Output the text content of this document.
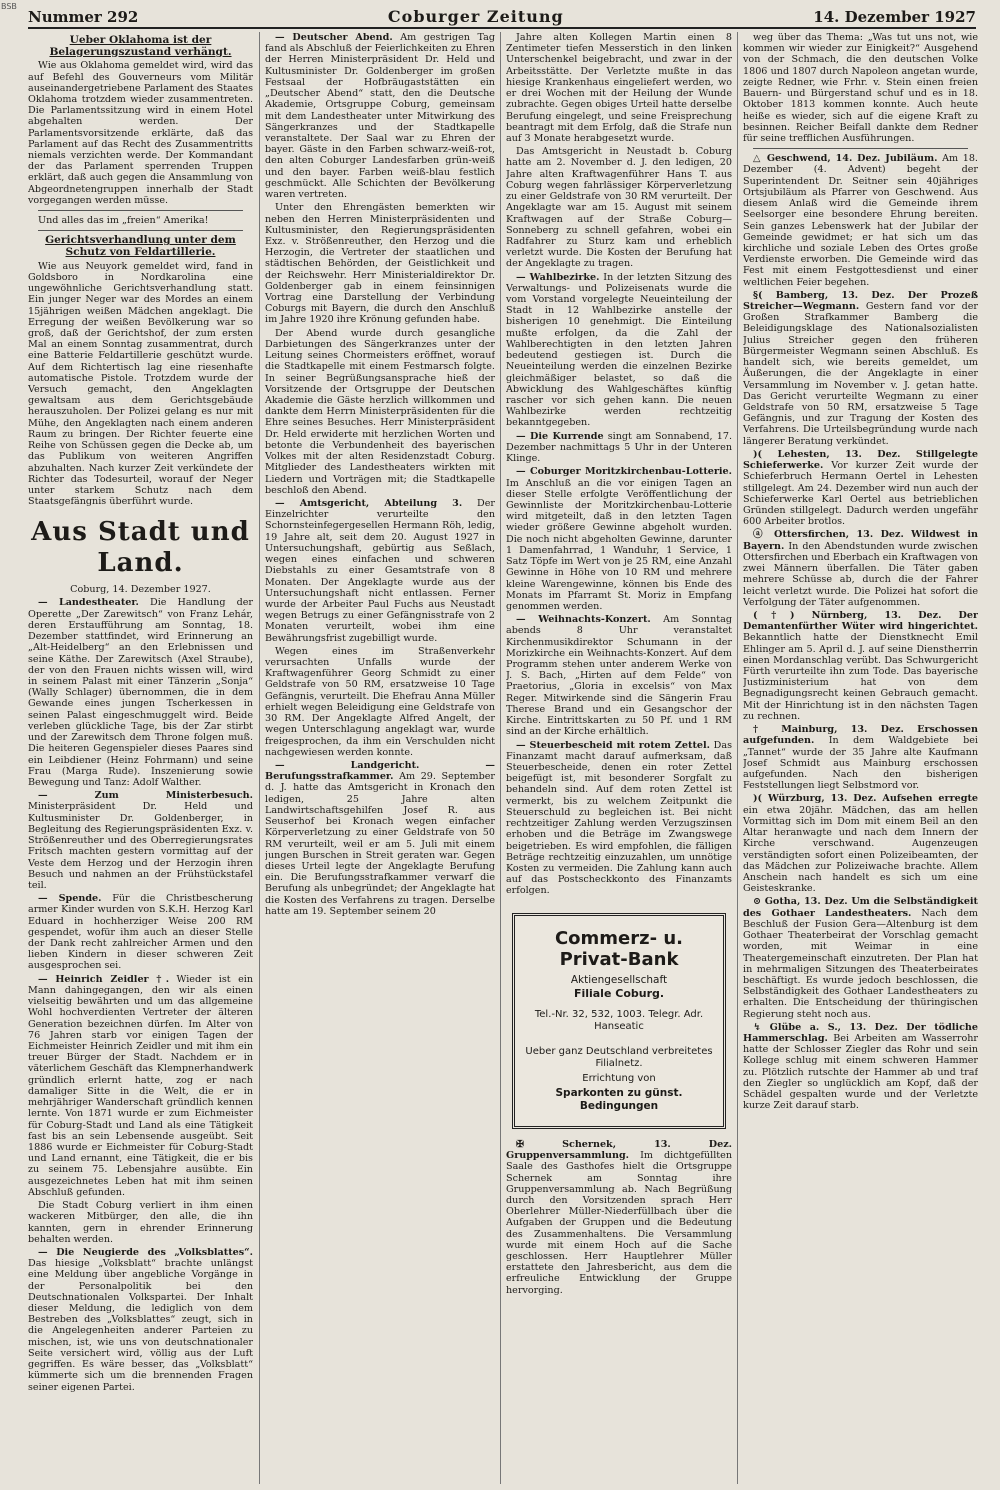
BSB
Nummer 292	Coburger Zeitung	14. Dezember 1927
Ueber Oklahoma ist der Belagerungszustand verhängt.

Wie aus Oklahoma gemeldet wird, wird das auf Befehl des Gouverneurs vom Militär auseinandergetriebene Parlament des Staates Oklahoma trotzdem wieder zusammentreten. Die Parlamentssitzung wird in einem Hotel abgehalten werden. Der Parlamentsvorsitzende erklärte, daß das Parlament auf das Recht des Zusammentritts niemals verzichten werde. Der Kommandant der das Parlament sperrenden Truppen erklärt, daß auch gegen die Ansammlung von Abgeordnetengruppen innerhalb der Stadt vorgegangen werden müsse.

Und alles das im „freien“ Amerika!

Gerichtsverhandlung unter dem Schutz von Feldartillerie.

Wie aus Neuyork gemeldet wird, fand in Goldsboro in Nordkarolina eine ungewöhnliche Gerichtsverhandlung statt. Ein junger Neger war des Mordes an einem 15jährigen weißen Mädchen angeklagt. Die Erregung der weißen Bevölkerung war so groß, daß der Gerichtshof, der zum ersten Mal an einem Sonntag zusammentrat, durch eine Batterie Feldartillerie geschützt wurde. Auf dem Richtertisch lag eine riesenhafte automatische Pistole. Trotzdem wurde der Versuch gemacht, den Angeklagten gewaltsam aus dem Gerichtsgebäude herauszuholen. Der Polizei gelang es nur mit Mühe, den Angeklagten nach einem anderen Raum zu bringen. Der Richter feuerte eine Reihe von Schüssen gegen die Decke ab, um das Publikum von weiteren Angriffen abzuhalten. Nach kurzer Zeit verkündete der Richter das Todesurteil, worauf der Neger unter starkem Schutz nach dem Staatsgefängnis überführt wurde.

Aus Stadt und Land.

Coburg, 14. Dezember 1927.

— Landestheater. Die Handlung der Operette „Der Zarewitsch“ von Franz Lehár, deren Erstaufführung am Sonntag, 18. Dezember stattfindet, wird Erinnerung an „Alt-Heidelberg“ an den Erlebnissen und seine Käthe. Der Zarewitsch (Axel Straube), der von den Frauen nichts wissen will, wird in seinem Palast mit einer Tänzerin „Sonja“ (Wally Schlager) übernommen, die in dem Gewande eines jungen Tscherkessen in seinen Palast eingeschmuggelt wird. Beide verleben glückliche Tage, bis der Zar stirbt und der Zarewitsch dem Throne folgen muß. Die heiteren Gegenspieler dieses Paares sind ein Leibdiener (Heinz Fohrmann) und seine Frau (Marga Rude). Inszenierung sowie Bewegung und Tanz: Adolf Walther.

— Zum Ministerbesuch. Ministerpräsident Dr. Held und Kultusminister Dr. Goldenberger, in Begleitung des Regierungspräsidenten Exz. v. Strößenreuther und des Oberregierungsrates Fritsch machten gestern vormittag auf der Veste dem Herzog und der Herzogin ihren Besuch und nahmen an der Frühstückstafel teil.

— Spende. Für die Christbescherung armer Kinder wurden von S.K.H. Herzog Karl Eduard in hochherziger Weise 200 RM gespendet, wofür ihm auch an dieser Stelle der Dank recht zahlreicher Armen und den lieben Kindern in dieser schweren Zeit ausgesprochen sei.

— Heinrich Zeidler †. Wieder ist ein Mann dahingegangen, den wir als einen vielseitig bewährten und um das allgemeine Wohl hochverdienten Vertreter der älteren Generation bezeichnen dürfen. Im Alter von 76 Jahren starb vor einigen Tagen der Eichmeister Heinrich Zeidler und mit ihm ein treuer Bürger der Stadt. Nachdem er in väterlichem Geschäft das Klempnerhandwerk gründlich erlernt hatte, zog er nach damaliger Sitte in die Welt, die er in mehrjähriger Wanderschaft gründlich kennen lernte. Von 1871 wurde er zum Eichmeister für Coburg-Stadt und Land als eine Tätigkeit fast bis an sein Lebensende ausgeübt. Seit 1886 wurde er Eichmeister für Coburg-Stadt und Land ernannt, eine Tätigkeit, die er bis zu seinem 75. Lebensjahre ausübte. Ein ausgezeichnetes Leben hat mit ihm seinen Abschluß gefunden.

Die Stadt Coburg verliert in ihm einen wackeren Mitbürger, den alle, die ihn kannten, gern in ehrender Erinnerung behalten werden.

— Die Neugierde des „Volksblattes“. Das hiesige „Volksblatt“ brachte unlängst eine Meldung über angebliche Vorgänge in der Personalpolitik bei den Deutschnationalen Volkspartei. Der Inhalt dieser Meldung, die lediglich von dem Bestreben des „Volksblattes“ zeugt, sich in die Angelegenheiten anderer Parteien zu mischen, ist, wie uns von deutschnationaler Seite versichert wird, völlig aus der Luft gegriffen. Es wäre besser, das „Volksblatt“ kümmerte sich um die brennenden Fragen seiner eigenen Partei.

— Deutscher Abend. Am gestrigen Tag fand als Abschluß der Feierlichkeiten zu Ehren der Herren Ministerpräsident Dr. Held und Kultusminister Dr. Goldenberger im großen Festsaal der Hofbräugaststätten ein „Deutscher Abend“ statt, den die Deutsche Akademie, Ortsgruppe Coburg, gemeinsam mit dem Landestheater unter Mitwirkung des Sängerkranzes und der Stadtkapelle veranstaltete. Der Saal war zu Ehren der bayer. Gäste in den Farben schwarz-weiß-rot, den alten Coburger Landesfarben grün-weiß und den bayer. Farben weiß-blau festlich geschmückt. Alle Schichten der Bevölkerung waren vertreten.

Unter den Ehrengästen bemerkten wir neben den Herren Ministerpräsidenten und Kultusminister, den Regierungspräsidenten Exz. v. Strößenreuther, den Herzog und die Herzogin, die Vertreter der staatlichen und städtischen Behörden, der Geistlichkeit und der Reichswehr. Herr Ministerialdirektor Dr. Goldenberger gab in einem feinsinnigen Vortrag eine Darstellung der Verbindung Coburgs mit Bayern, die durch den Anschluß im Jahre 1920 ihre Krönung gefunden habe.

Der Abend wurde durch gesangliche Darbietungen des Sängerkranzes unter der Leitung seines Chormeisters eröffnet, worauf die Stadtkapelle mit einem Festmarsch folgte. In seiner Begrüßungsansprache hieß der Vorsitzende der Ortsgruppe der Deutschen Akademie die Gäste herzlich willkommen und dankte dem Herrn Ministerpräsidenten für die Ehre seines Besuches. Herr Ministerpräsident Dr. Held erwiderte mit herzlichen Worten und betonte die Verbundenheit des bayerischen Volkes mit der alten Residenzstadt Coburg. Mitglieder des Landestheaters wirkten mit Liedern und Vorträgen mit; die Stadtkapelle beschloß den Abend.

— Amtsgericht, Abteilung 3. Der Einzelrichter verurteilte den Schornsteinfegergesellen Hermann Röh, ledig, 19 Jahre alt, seit dem 20. August 1927 in Untersuchungshaft, gebürtig aus Seßlach, wegen eines einfachen und schweren Diebstahls zu einer Gesamtstrafe von 8 Monaten. Der Angeklagte wurde aus der Untersuchungshaft nicht entlassen. Ferner wurde der Arbeiter Paul Fuchs aus Neustadt wegen Betrugs zu einer Gefängnisstrafe von 2 Monaten verurteilt, wobei ihm eine Bewährungsfrist zugebilligt wurde.

Wegen eines im Straßenverkehr verursachten Unfalls wurde der Kraftwagenführer Georg Schmidt zu einer Geldstrafe von 50 RM, ersatzweise 10 Tage Gefängnis, verurteilt. Die Ehefrau Anna Müller erhielt wegen Beleidigung eine Geldstrafe von 30 RM. Der Angeklagte Alfred Angelt, der wegen Unterschlagung angeklagt war, wurde freigesprochen, da ihm ein Verschulden nicht nachgewiesen werden konnte.

— Landgericht. — Berufungsstrafkammer. Am 29. September d. J. hatte das Amtsgericht in Kronach den ledigen, 25 Jahre alten Landwirtschaftsgehilfen Josef R. aus Seuserhof bei Kronach wegen einfacher Körperverletzung zu einer Geldstrafe von 50 RM verurteilt, weil er am 5. Juli mit einem jungen Burschen in Streit geraten war. Gegen dieses Urteil legte der Angeklagte Berufung ein. Die Berufungsstrafkammer verwarf die Berufung als unbegründet; der Angeklagte hat die Kosten des Verfahrens zu tragen. Derselbe hatte am 19. September seinem 20

Jahre alten Kollegen Martin einen 8 Zentimeter tiefen Messerstich in den linken Unterschenkel beigebracht, und zwar in der Arbeitsstätte. Der Verletzte mußte in das hiesige Krankenhaus eingeliefert werden, wo er drei Wochen mit der Heilung der Wunde zubrachte. Gegen obiges Urteil hatte derselbe Berufung eingelegt, und seine Freisprechung beantragt mit dem Erfolg, daß die Strafe nun auf 3 Monate herabgesetzt wurde.

Das Amtsgericht in Neustadt b. Coburg hatte am 2. November d. J. den ledigen, 20 Jahre alten Kraftwagenführer Hans T. aus Coburg wegen fahrlässiger Körperverletzung zu einer Geldstrafe von 30 RM verurteilt. Der Angeklagte war am 15. August mit seinem Kraftwagen auf der Straße Coburg—Sonneberg zu schnell gefahren, wobei ein Radfahrer zu Sturz kam und erheblich verletzt wurde. Die Kosten der Berufung hat der Angeklagte zu tragen.

— Wahlbezirke. In der letzten Sitzung des Verwaltungs- und Polizeisenats wurde die vom Vorstand vorgelegte Neueinteilung der Stadt in 12 Wahlbezirke anstelle der bisherigen 10 genehmigt. Die Einteilung mußte erfolgen, da die Zahl der Wahlberechtigten in den letzten Jahren bedeutend gestiegen ist. Durch die Neueinteilung werden die einzelnen Bezirke gleichmäßiger belastet, so daß die Abwicklung des Wahlgeschäftes künftig rascher vor sich gehen kann. Die neuen Wahlbezirke werden rechtzeitig bekanntgegeben.

— Die Kurrende singt am Sonnabend, 17. Dezember nachmittags 5 Uhr in der Unteren Klinge.

— Coburger Moritzkirchenbau-Lotterie. Im Anschluß an die vor einigen Tagen an dieser Stelle erfolgte Veröffentlichung der Gewinnliste der Moritzkirchenbau-Lotterie wird mitgeteilt, daß in den letzten Tagen wieder größere Gewinne abgeholt wurden. Die noch nicht abgeholten Gewinne, darunter 1 Damenfahrrad, 1 Wanduhr, 1 Service, 1 Satz Töpfe im Wert von je 25 RM, eine Anzahl Gewinne in Höhe von 10 RM und mehrere kleine Warengewinne, können bis Ende des Monats im Pfarramt St. Moriz in Empfang genommen werden.

— Weihnachts-Konzert. Am Sonntag abends 8 Uhr veranstaltet Kirchenmusikdirektor Schumann in der Morizkirche ein Weihnachts-Konzert. Auf dem Programm stehen unter anderem Werke von J. S. Bach, „Hirten auf dem Felde“ von Praetorius, „Gloria in excelsis“ von Max Reger. Mitwirkende sind die Sängerin Frau Therese Brand und ein Gesangschor der Kirche. Eintrittskarten zu 50 Pf. und 1 RM sind an der Kirche erhältlich.

— Steuerbescheid mit rotem Zettel. Das Finanzamt macht darauf aufmerksam, daß Steuerbescheide, denen ein roter Zettel beigefügt ist, mit besonderer Sorgfalt zu behandeln sind. Auf dem roten Zettel ist vermerkt, bis zu welchem Zeitpunkt die Steuerschuld zu begleichen ist. Bei nicht rechtzeitiger Zahlung werden Verzugszinsen erhoben und die Beträge im Zwangswege beigetrieben. Es wird empfohlen, die fälligen Beträge rechtzeitig einzuzahlen, um unnötige Kosten zu vermeiden. Die Zahlung kann auch auf das Postscheckkonto des Finanzamts erfolgen.

Commerz- u. Privat-Bank
Aktiengesellschaft
Filiale Coburg.
Tel.-Nr. 32, 532, 1003. Telegr. Adr. Hanseatic
Ueber ganz Deutschland verbreitetes Filialnetz.
Errichtung von
Sparkonten zu günst. Bedingungen

✠ Schernek, 13. Dez. Gruppenversammlung. Im dichtgefüllten Saale des Gasthofes hielt die Ortsgruppe Schernek am Sonntag ihre Gruppenversammlung ab. Nach Begrüßung durch den Vorsitzenden sprach Herr Oberlehrer Müller-Niederfüllbach über die Aufgaben der Gruppen und die Bedeutung des Zusammenhaltens. Die Versammlung wurde mit einem Hoch auf die Sache geschlossen. Herr Hauptlehrer Müller erstattete den Jahresbericht, aus dem die erfreuliche Entwicklung der Gruppe hervorging.

weg über das Thema: „Was tut uns not, wie kommen wir wieder zur Einigkeit?“ Ausgehend von der Schmach, die den deutschen Volke 1806 und 1807 durch Napoleon angetan wurde, zeigte Redner, wie Frhr. v. Stein einen freien Bauern- und Bürgerstand schuf und es in 18. Oktober 1813 kommen konnte. Auch heute heiße es wieder, sich auf die eigene Kraft zu besinnen. Reicher Beifall dankte dem Redner für seine trefflichen Ausführungen.

△ Geschwend, 14. Dez. Jubiläum. Am 18. Dezember (4. Advent) begeht der Superintendent Dr. Seitner sein 40jähriges Ortsjubiläum als Pfarrer von Geschwend. Aus diesem Anlaß wird die Gemeinde ihrem Seelsorger eine besondere Ehrung bereiten. Sein ganzes Lebenswerk hat der Jubilar der Gemeinde gewidmet; er hat sich um das kirchliche und soziale Leben des Ortes große Verdienste erworben. Die Gemeinde wird das Fest mit einem Festgottesdienst und einer weltlichen Feier begehen.

§( Bamberg, 13. Dez. Der Prozeß Streicher—Wegmann. Gestern fand vor der Großen Strafkammer Bamberg die Beleidigungsklage des Nationalsozialisten Julius Streicher gegen den früheren Bürgermeister Wegmann seinen Abschluß. Es handelt sich, wie bereits gemeldet, um Äußerungen, die der Angeklagte in einer Versammlung im November v. J. getan hatte. Das Gericht verurteilte Wegmann zu einer Geldstrafe von 50 RM, ersatzweise 5 Tage Gefängnis, und zur Tragung der Kosten des Verfahrens. Die Urteilsbegründung wurde nach längerer Beratung verkündet.

)( Lehesten, 13. Dez. Stillgelegte Schieferwerke. Vor kurzer Zeit wurde der Schieferbruch Hermann Oertel in Lehesten stillgelegt. Am 24. Dezember wird nun auch der Schieferwerke Karl Oertel aus betrieblichen Gründen stillgelegt. Dadurch werden ungefähr 600 Arbeiter brotlos.

ⓐ Ottersfirchen, 13. Dez. Wildwest in Bayern. In den Abendstunden wurde zwischen Ottersfirchen und Eberbach ein Kraftwagen von zwei Männern überfallen. Die Täter gaben mehrere Schüsse ab, durch die der Fahrer leicht verletzt wurde. Die Polizei hat sofort die Verfolgung der Täter aufgenommen.

(†) Nürnberg, 13. Dez. Der Demantenfürther Wüter wird hingerichtet. Bekanntlich hatte der Dienstknecht Emil Ehlinger am 5. April d. J. auf seine Dienstherrin einen Mordanschlag verübt. Das Schwurgericht Fürth verurteilte ihn zum Tode. Das bayerische Justizministerium hat von dem Begnadigungsrecht keinen Gebrauch gemacht. Mit der Hinrichtung ist in den nächsten Tagen zu rechnen.

† Mainburg, 13. Dez. Erschossen aufgefunden. In dem Waldgebiete bei „Tannet“ wurde der 35 Jahre alte Kaufmann Josef Schmidt aus Mainburg erschossen aufgefunden. Nach den bisherigen Feststellungen liegt Selbstmord vor.

)( Würzburg, 13. Dez. Aufsehen erregte ein etwa 20jähr. Mädchen, das am hellen Vormittag sich im Dom mit einem Beil an den Altar heranwagte und nach dem Innern der Kirche verschwand. Augenzeugen verständigten sofort einen Polizeibeamten, der das Mädchen zur Polizeiwache brachte. Allem Anschein nach handelt es sich um eine Geisteskranke.

⊙ Gotha, 13. Dez. Um die Selbständigkeit des Gothaer Landestheaters. Nach dem Beschluß der Fusion Gera—Altenburg ist dem Gothaer Theaterbeirat der Vorschlag gemacht worden, mit Weimar in eine Theatergemeinschaft einzutreten. Der Plan hat in mehrmaligen Sitzungen des Theaterbeirates beschäftigt. Es wurde jedoch beschlossen, die Selbständigkeit des Gothaer Landestheaters zu erhalten. Die Entscheidung der thüringischen Regierung steht noch aus.

↯ Glübe a. S., 13. Dez. Der tödliche Hammerschlag. Bei Arbeiten am Wasserrohr hatte der Schlosser Ziegler das Rohr und sein Kollege schlug mit einem schweren Hammer zu. Plötzlich rutschte der Hammer ab und traf den Ziegler so unglücklich am Kopf, daß der Schädel gespalten wurde und der Verletzte kurze Zeit darauf starb.
